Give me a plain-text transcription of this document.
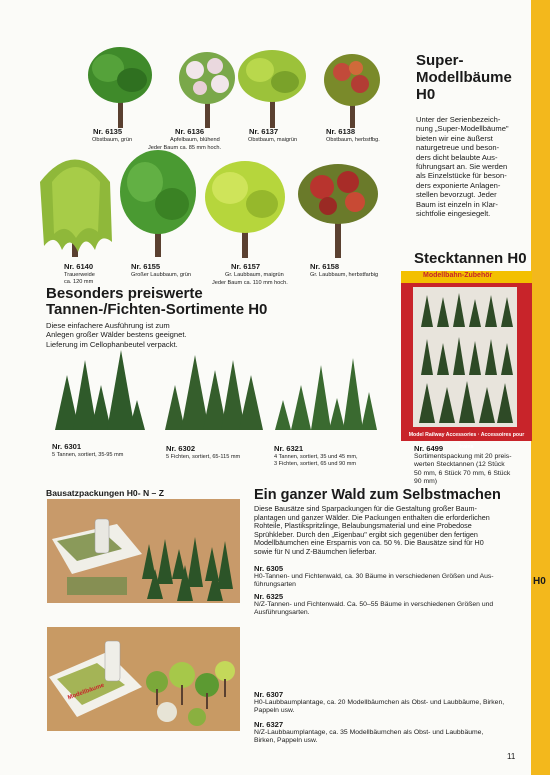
H0
Nr. 6135
Obstbaum, grün
Nr. 6136
Apfelbaum, blühend
Jeder Baum ca. 85 mm hoch.
Nr. 6137
Obstbaum, maigrün
Nr. 6138
Obstbaum, herbstfbg.
Super-
Modellbäume
H0
Unter der Serienbezeich-
nung „Super-Modellbäume"
bieten wir eine äußerst
naturgetreue und beson-
ders dicht belaubte Aus-
führungsart an. Sie werden
als Einzelstücke für beson-
ders exponierte Anlagen-
stellen bevorzugt. Jeder
Baum ist einzeln in Klar-
sichtfolie eingesiegelt.
Nr. 6140
Trauerweide
ca. 120 mm
Nr. 6155
Großer Laubbaum, grün
Nr. 6157
Gr. Laubbaum, maigrün
Jeder Baum ca. 110 mm hoch.
Nr. 6158
Gr. Laubbaum, herbstfarbig
Stecktannen H0
Modellbahn-Zubehör
Model Railway Accessories · Accessoires pour trains
Nr. 6499
Sortimentspackung mit 20 preis-
werten Stecktannen (12 Stück
50 mm, 6 Stück 70 mm, 6 Stück
90 mm)
Besonders preiswerte
Tannen-/Fichten-Sortimente H0
Diese einfachere Ausführung ist zum
Anlegen großer Wälder bestens geeignet.
Lieferung im Cellophanbeutel verpackt.
Nr. 6301
5 Tannen, sortiert, 35-95 mm
Nr. 6302
5 Fichten, sortiert, 65-115 mm
Nr. 6321
4 Tannen, sortiert, 35 und 45 mm,
3 Fichten, sortiert, 65 und 90 mm
Bausatzpackungen H0- N – Z
Modellbäume
Ein ganzer Wald zum Selbstmachen
Diese Bausätze sind Sparpackungen für die Gestaltung großer Baum-
plantagen und ganzer Wälder. Die Packungen enthalten die erforderlichen
Rohteile, Plastikspritzlinge, Belaubungsmaterial und eine Probedose
Sprühkleber. Durch den „Eigenbau" ergibt sich gegenüber den fertigen
Modellbäumchen eine Ersparnis von ca. 50 %. Die Bausätze sind für H0
sowie für N und Z-Bäumchen lieferbar.
Nr. 6305
H0-Tannen- und Fichtenwald, ca. 30 Bäume in verschiedenen Größen und Aus-
führungsarten
Nr. 6325
N/Z-Tannen- und Fichtenwald. Ca. 50–55 Bäume in verschiedenen Größen und
Ausführungsarten.
Nr. 6307
H0-Laubbaumplantage, ca. 20 Modellbäumchen als Obst- und Laubbäume, Birken,
Pappeln usw.
Nr. 6327
N/Z-Laubbaumplantage, ca. 35 Modellbäumchen als Obst- und Laubbäume,
Birken, Pappeln usw.
11
